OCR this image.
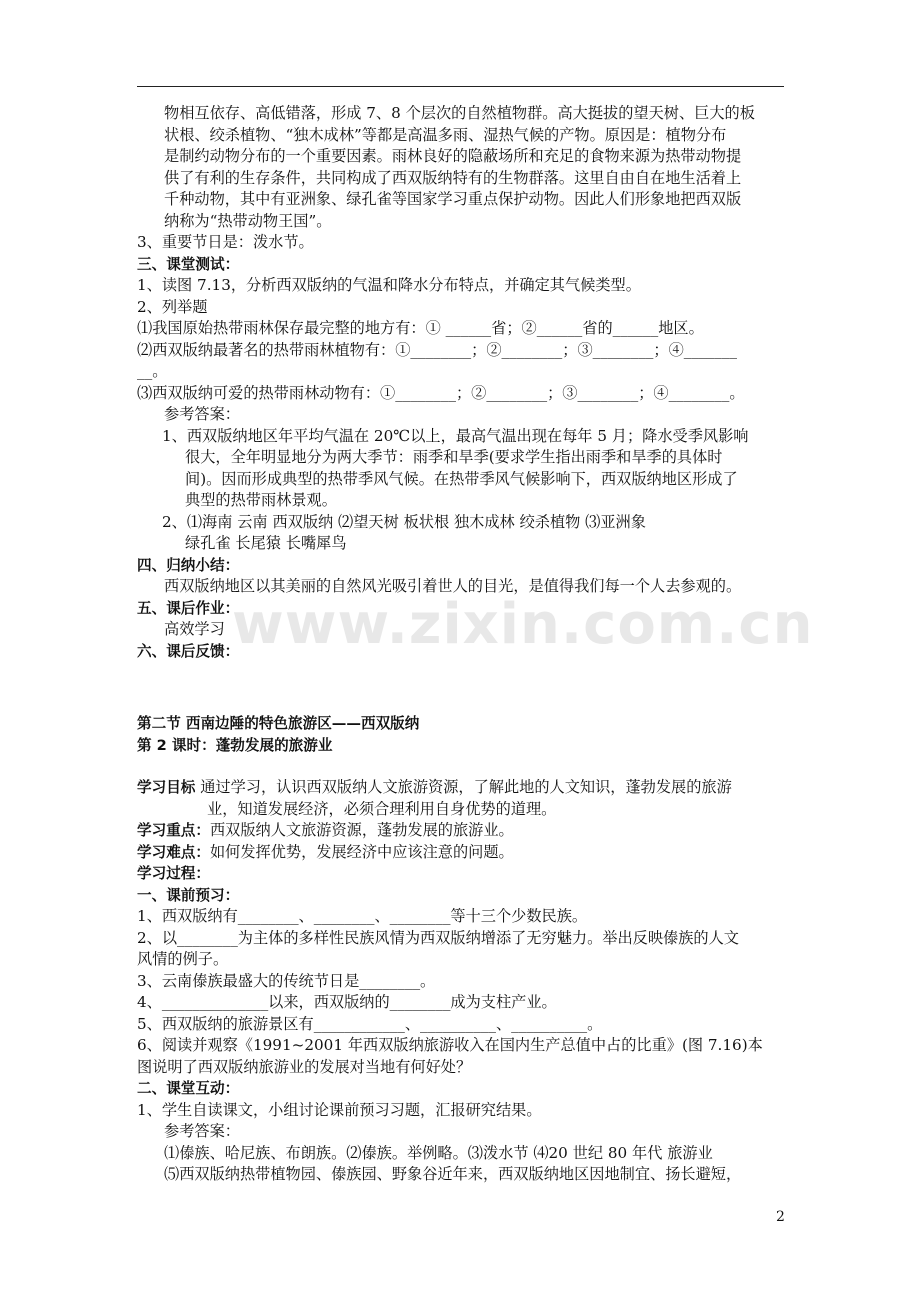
物相互依存、高低错落，形成 7、8 个层次的自然植物群。高大挺拔的望天树、巨大的板
状根、绞杀植物、“独木成林”等都是高温多雨、湿热气候的产物。原因是：植物分布
是制约动物分布的一个重要因素。雨林良好的隐蔽场所和充足的食物来源为热带动物提
供了有利的生存条件，共同构成了西双版纳特有的生物群落。这里自由自在地生活着上
千种动物，其中有亚洲象、绿孔雀等国家学习重点保护动物。因此人们形象地把西双版
纳称为“热带动物王国”。
3、重要节日是：泼水节。
三、课堂测试：
1、读图 7.13，分析西双版纳的气温和降水分布特点，并确定其气候类型。
2、列举题
⑴我国原始热带雨林保存最完整的地方有：① ______省；②______省的______地区。
⑵西双版纳最著名的热带雨林植物有：①________；②________；③________；④_______
__。
⑶西双版纳可爱的热带雨林动物有：①________；②________；③________；④________。
参考答案：
1、西双版纳地区年平均气温在 20℃以上，最高气温出现在每年 5 月；降水受季风影响
很大，全年明显地分为两大季节：雨季和旱季(要求学生指出雨季和旱季的具体时
间)。因而形成典型的热带季风气候。在热带季风气候影响下，西双版纳地区形成了
典型的热带雨林景观。
2、⑴海南 云南 西双版纳 ⑵望天树 板状根 独木成林 绞杀植物 ⑶亚洲象
绿孔雀 长尾猿 长嘴犀鸟
四、归纳小结：
西双版纳地区以其美丽的自然风光吸引着世人的目光，是值得我们每一个人去参观的。
五、课后作业：
高效学习
六、课后反馈：
第二节 西南边陲的特色旅游区——西双版纳
第 2 课时：蓬勃发展的旅游业
学习目标 通过学习，认识西双版纳人文旅游资源，了解此地的人文知识，蓬勃发展的旅游
业，知道发展经济，必须合理利用自身优势的道理。
学习重点：西双版纳人文旅游资源，蓬勃发展的旅游业。
学习难点：如何发挥优势，发展经济中应该注意的问题。
学习过程：
一、课前预习：
1、西双版纳有________、________、________等十三个少数民族。
2、以________为主体的多样性民族风情为西双版纳增添了无穷魅力。举出反映傣族的人文
风情的例子。
3、云南傣族最盛大的传统节日是________。
4、______________以来，西双版纳的________成为支柱产业。
5、西双版纳的旅游景区有____________、__________、__________。
6、阅读并观察《1991~2001 年西双版纳旅游收入在国内生产总值中占的比重》(图 7.16)本
图说明了西双版纳旅游业的发展对当地有何好处？
二、课堂互动：
1、学生自读课文，小组讨论课前预习习题，汇报研究结果。
参考答案：
⑴傣族、哈尼族、布朗族。⑵傣族。举例略。⑶泼水节 ⑷20 世纪 80 年代 旅游业
⑸西双版纳热带植物园、傣族园、野象谷近年来，西双版纳地区因地制宜、扬长避短，
www.zixin.com.cn
2
